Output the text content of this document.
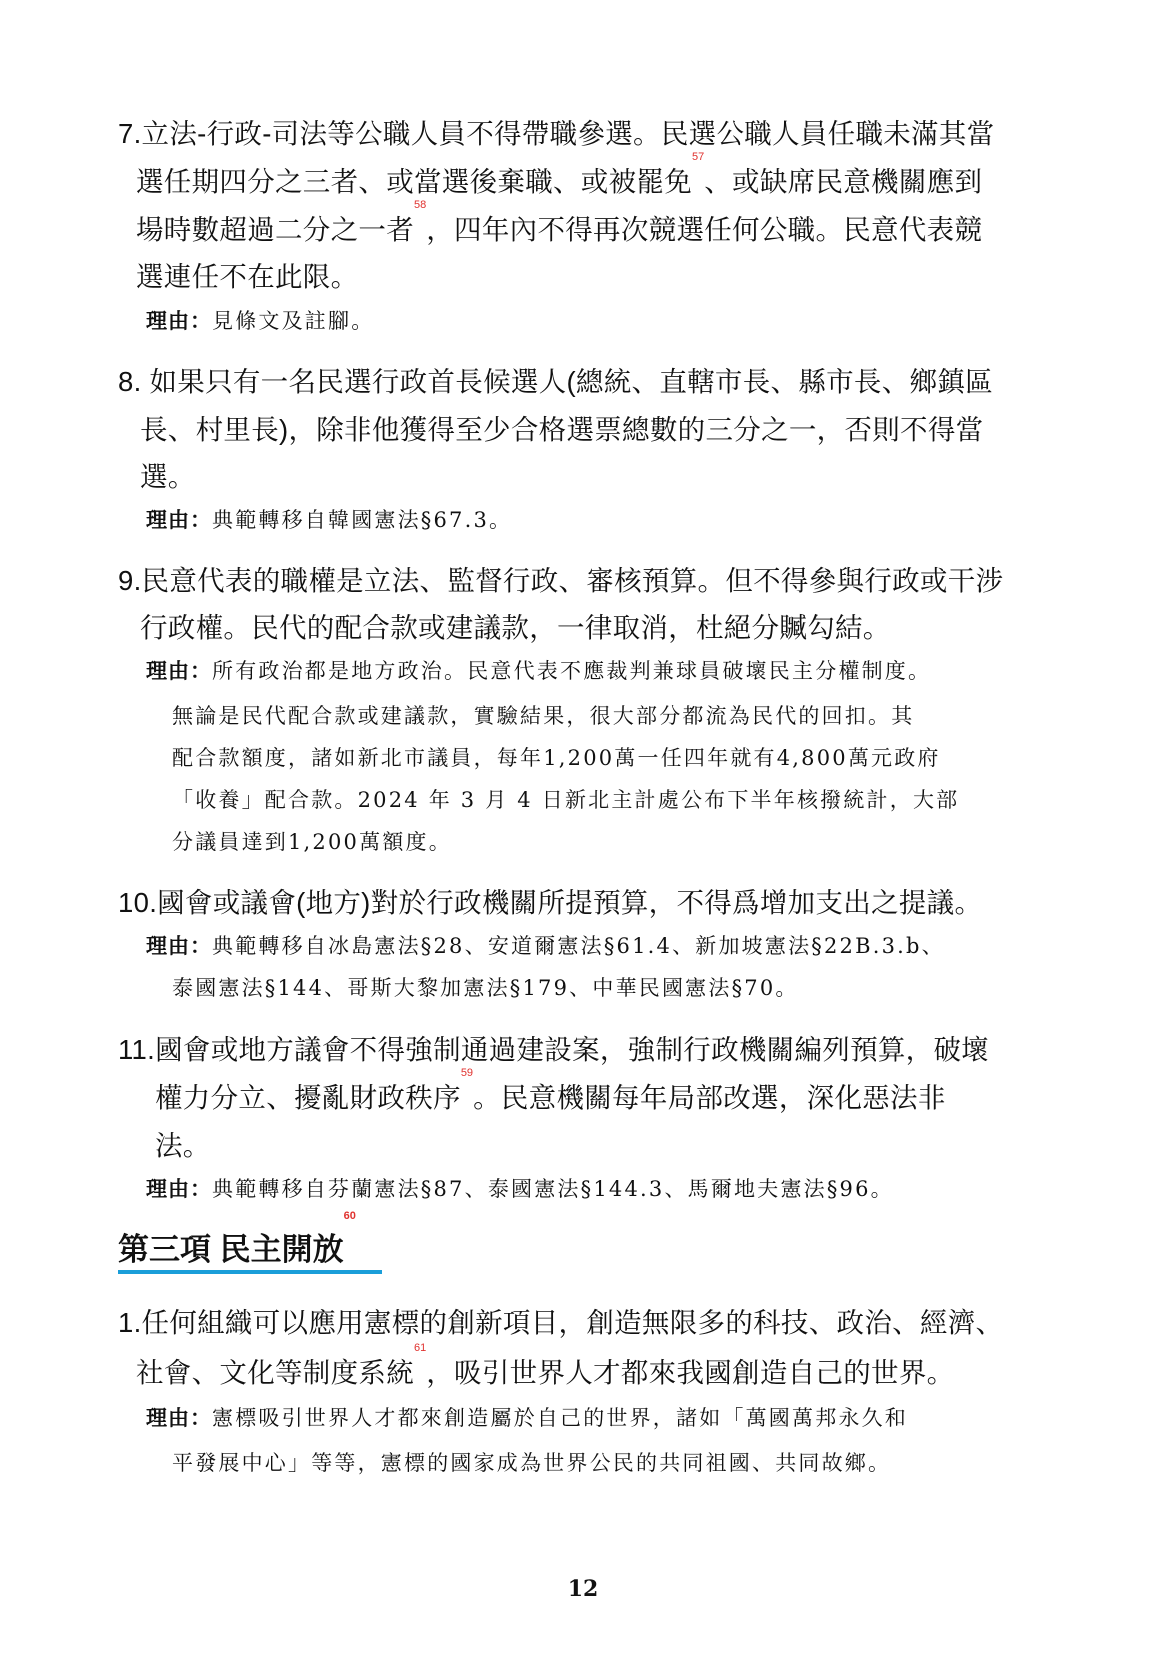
7.立法-行政-司法等公職人員不得帶職參選。民選公職人員任職未滿其當
選任期四分之三者、或當選後棄職、或被罷免$^{57}$、或缺席民意機關應到
場時數超過二分之一者$^{58}$，四年內不得再次競選任何公職。民意代表競
選連任不在此限。
理由：見條文及註腳。
8. 如果只有一名民選行政首長候選人(總統、直轄市長、縣市長、鄉鎮區
長、村里長)，除非他獲得至少合格選票總數的三分之一，否則不得當
選。
理由：典範轉移自韓國憲法§67.3。
9.民意代表的職權是立法、監督行政、審核預算。但不得參與行政或干涉
行政權。民代的配合款或建議款，一律取消，杜絕分贓勾結。
理由：所有政治都是地方政治。民意代表不應裁判兼球員破壞民主分權制度。
無論是民代配合款或建議款，實驗結果，很大部分都流為民代的回扣。其
配合款額度，諸如新北市議員，每年1,200萬一任四年就有4,800萬元政府
「收養」配合款。2024 年 3 月 4 日新北主計處公布下半年核撥統計，大部
分議員達到1,200萬額度。
10.國會或議會(地方)對於行政機關所提預算，不得爲增加支出之提議。
理由：典範轉移自冰島憲法§28、安道爾憲法§61.4、新加坡憲法§22B.3.b、
泰國憲法§144、哥斯大黎加憲法§179、中華民國憲法§70。
11.國會或地方議會不得強制通過建設案，強制行政機關編列預算，破壞
權力分立、擾亂財政秩序$^{59}$。民意機關每年局部改選，深化惡法非
法。
理由：典範轉移自芬蘭憲法§87、泰國憲法§144.3、馬爾地夫憲法§96。
第三項 民主開放$^{60}$
1.任何組織可以應用憲標的創新項目，創造無限多的科技、政治、經濟、
社會、文化等制度系統$^{61}$，吸引世界人才都來我國創造自己的世界。
理由：憲標吸引世界人才都來創造屬於自己的世界，諸如「萬國萬邦永久和
平發展中心」等等，憲標的國家成為世界公民的共同祖國、共同故鄉。
12
